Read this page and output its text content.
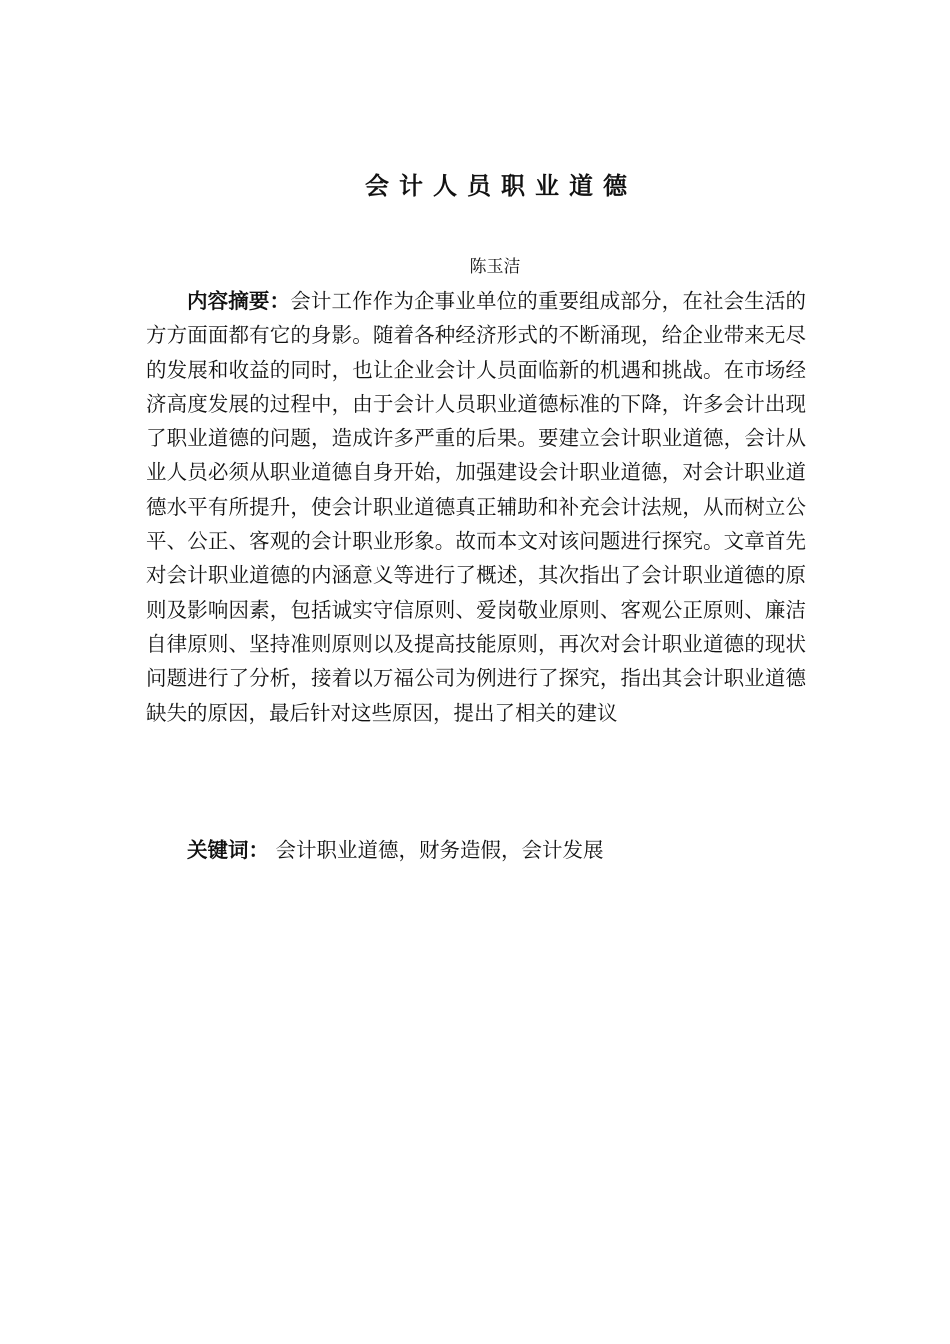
会计人员职业道德

陈玉洁

内容摘要：会计工作作为企事业单位的重要组成部分，在社会生活的方方面面都有它的身影。随着各种经济形式的不断涌现，给企业带来无尽的发展和收益的同时，也让企业会计人员面临新的机遇和挑战。在市场经济高度发展的过程中，由于会计人员职业道德标准的下降，许多会计出现了职业道德的问题，造成许多严重的后果。要建立会计职业道德，会计从业人员必须从职业道德自身开始，加强建设会计职业道德，对会计职业道德水平有所提升，使会计职业道德真正辅助和补充会计法规，从而树立公平、公正、客观的会计职业形象。故而本文对该问题进行探究。文章首先对会计职业道德的内涵意义等进行了概述，其次指出了会计职业道德的原则及影响因素，包括诚实守信原则、爱岗敬业原则、客观公正原则、廉洁自律原则、坚持准则原则以及提高技能原则，再次对会计职业道德的现状问题进行了分析，接着以万福公司为例进行了探究，指出其会计职业道德缺失的原因，最后针对这些原因，提出了相关的建议

关键词： 会计职业道德，财务造假，会计发展
